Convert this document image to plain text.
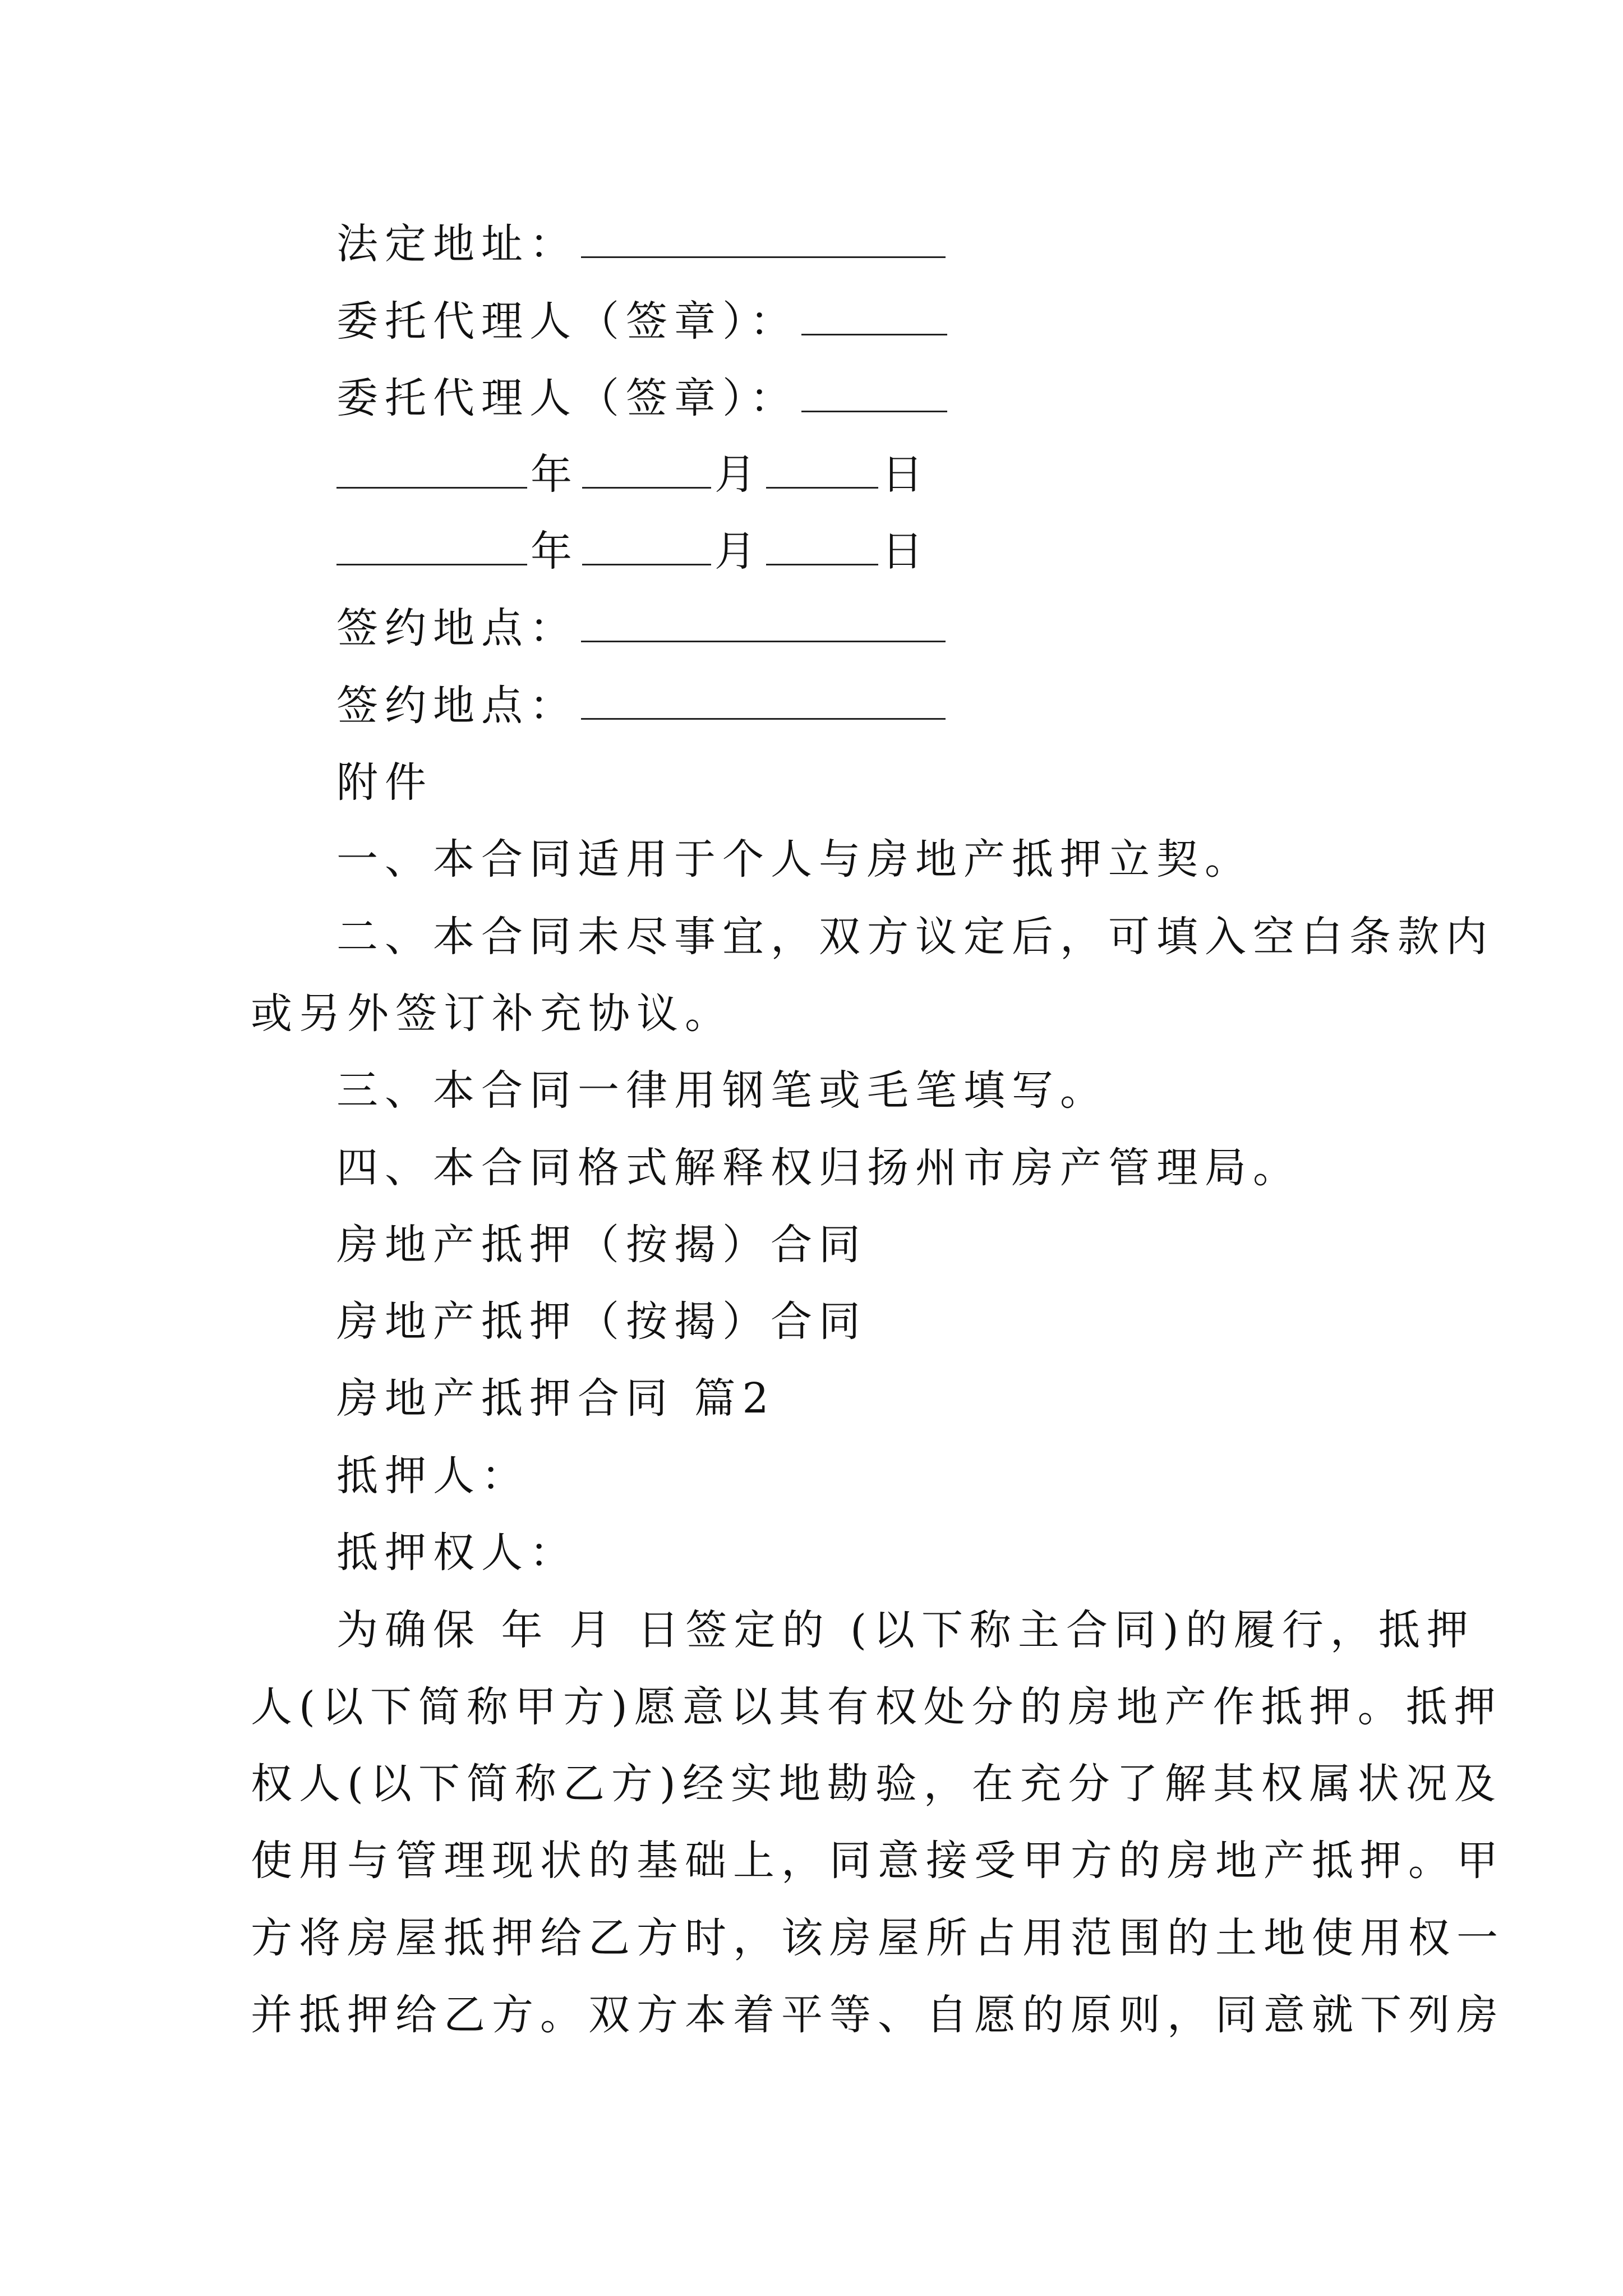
法定地址：
委托代理人（签章）：
委托代理人（签章）：
年	月	日
年	月	日
签约地点：
签约地点：
附件
一、本合同适用于个人与房地产抵押立契。
二、本合同未尽事宜，双方议定后，可填入空白条款内
或另外签订补充协议。
三、本合同一律用钢笔或毛笔填写。
四、本合同格式解释权归扬州市房产管理局。
房地产抵押（按揭）合同
房地产抵押（按揭）合同
房地产抵押合同 篇2
抵押人：
抵押权人：
为确保 年 月 日签定的 (以下称主合同)的履行，抵押
人(以下简称甲方)愿意以其有权处分的房地产作抵押。抵押
权人(以下简称乙方)经实地勘验，在充分了解其权属状况及
使用与管理现状的基础上，同意接受甲方的房地产抵押。甲
方将房屋抵押给乙方时，该房屋所占用范围的土地使用权一
并抵押给乙方。双方本着平等、自愿的原则，同意就下列房
